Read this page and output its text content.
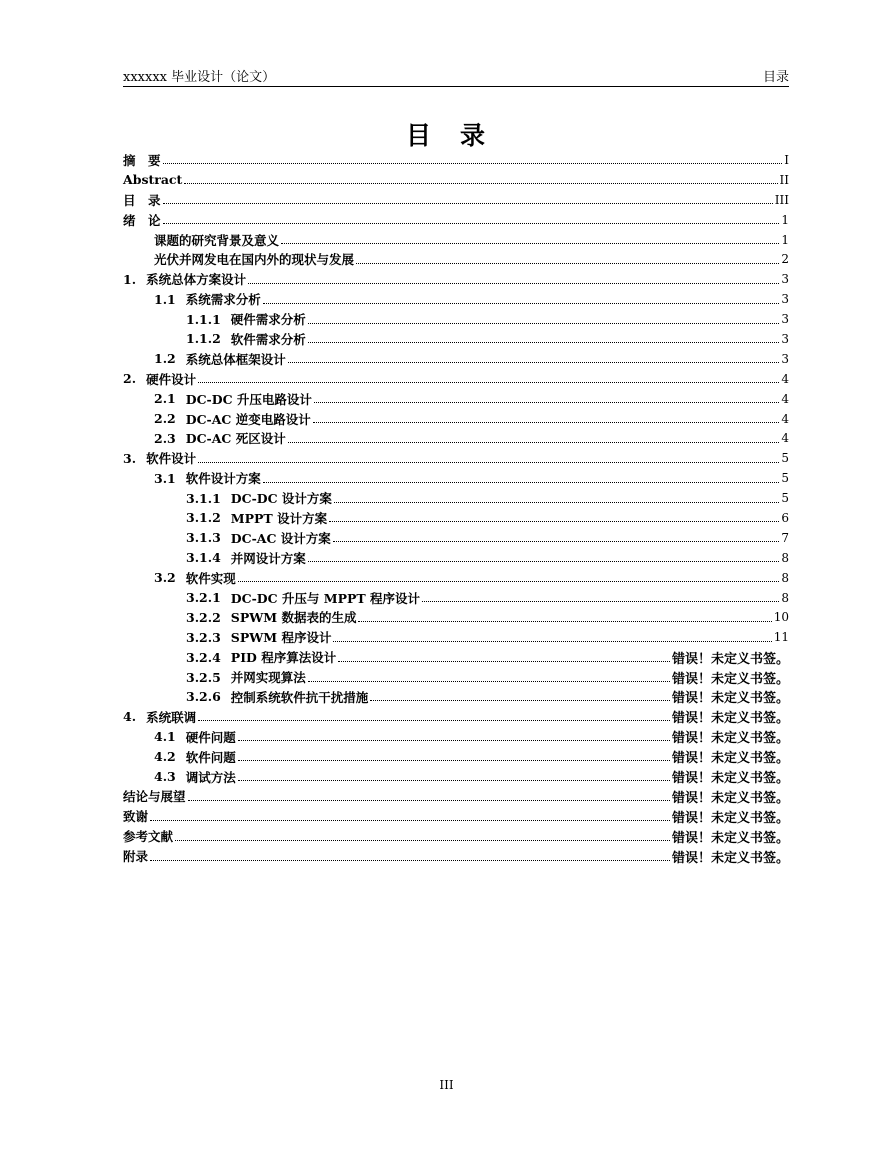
xxxxxx 毕业设计（论文）	目录
目　录
摘　要	I
Abstract	II
目　录	III
绪　论	1
课题的研究背景及意义	1
光伏并网发电在国内外的现状与发展	2
1. 系统总体方案设计	3
1.1 系统需求分析	3
1.1.1 硬件需求分析	3
1.1.2 软件需求分析	3
1.2 系统总体框架设计	3
2. 硬件设计	4
2.1 DC-DC 升压电路设计	4
2.2 DC-AC 逆变电路设计	4
2.3 DC-AC 死区设计	4
3. 软件设计	5
3.1 软件设计方案	5
3.1.1 DC-DC 设计方案	5
3.1.2 MPPT 设计方案	6
3.1.3 DC-AC 设计方案	7
3.1.4 并网设计方案	8
3.2 软件实现	8
3.2.1 DC-DC 升压与 MPPT 程序设计	8
3.2.2 SPWM 数据表的生成	10
3.2.3 SPWM 程序设计	11
3.2.4 PID 程序算法设计	错误！未定义书签。
3.2.5 并网实现算法	错误！未定义书签。
3.2.6 控制系统软件抗干扰措施	错误！未定义书签。
4. 系统联调	错误！未定义书签。
4.1 硬件问题	错误！未定义书签。
4.2 软件问题	错误！未定义书签。
4.3 调试方法	错误！未定义书签。
结论与展望	错误！未定义书签。
致谢	错误！未定义书签。
参考文献	错误！未定义书签。
附录	错误！未定义书签。
III
